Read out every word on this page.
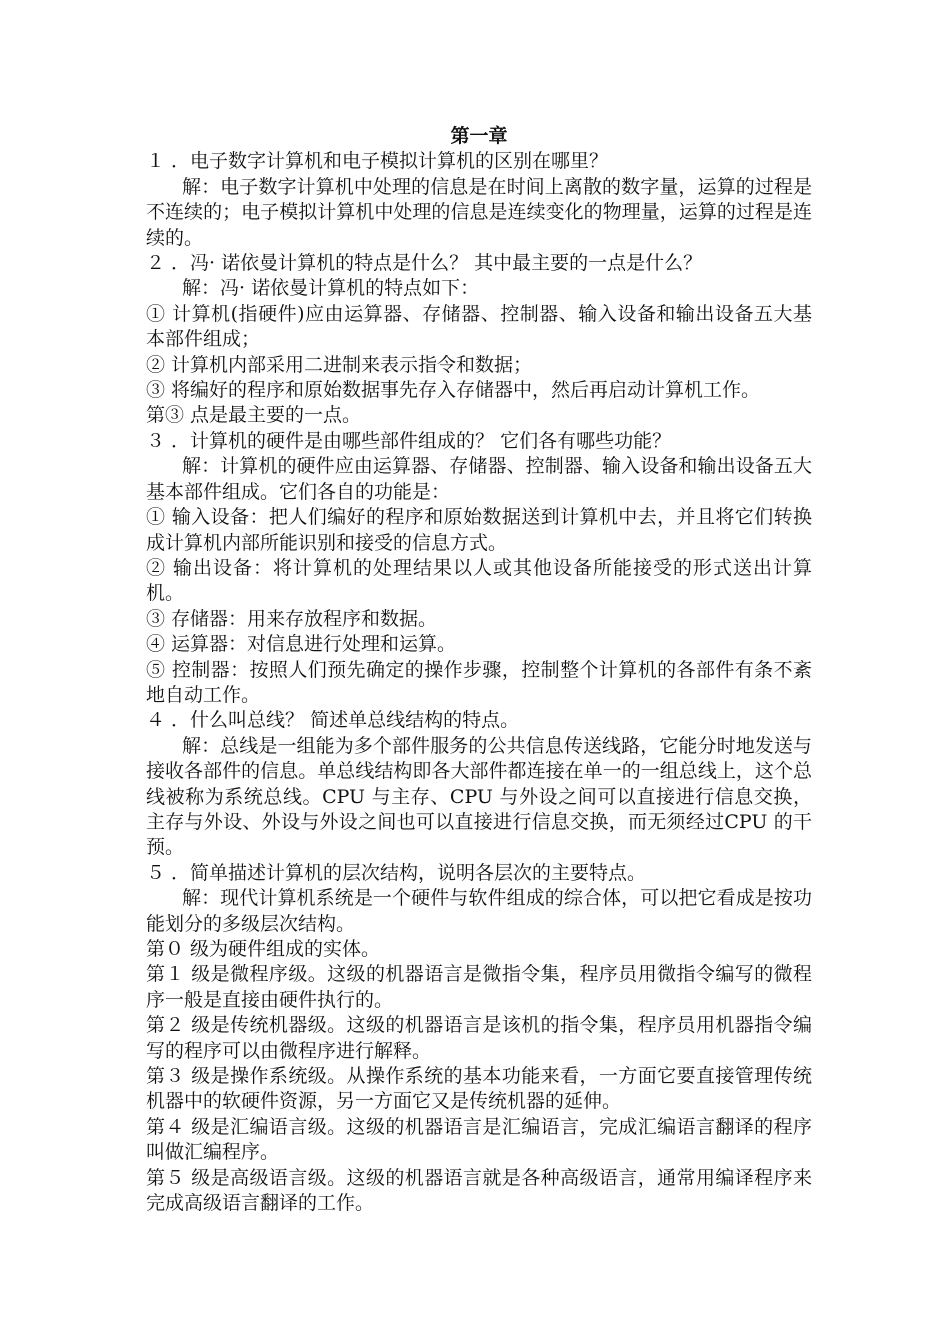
第一章

１ ．电子数字计算机和电子模拟计算机的区别在哪里？

解：电子数字计算机中处理的信息是在时间上离散的数字量，运算的过程是不连续的；电子模拟计算机中处理的信息是连续变化的物理量，运算的过程是连续的。

２ ．冯· 诺依曼计算机的特点是什么？ 其中最主要的一点是什么？

解：冯· 诺依曼计算机的特点如下：

① 计算机(指硬件)应由运算器、存储器、控制器、输入设备和输出设备五大基本部件组成；

② 计算机内部采用二进制来表示指令和数据；

③ 将编好的程序和原始数据事先存入存储器中，然后再启动计算机工作。

第③ 点是最主要的一点。

３ ．计算机的硬件是由哪些部件组成的？ 它们各有哪些功能？

解：计算机的硬件应由运算器、存储器、控制器、输入设备和输出设备五大基本部件组成。它们各自的功能是：

① 输入设备：把人们编好的程序和原始数据送到计算机中去，并且将它们转换成计算机内部所能识别和接受的信息方式。

② 输出设备：将计算机的处理结果以人或其他设备所能接受的形式送出计算机。

③ 存储器：用来存放程序和数据。

④ 运算器：对信息进行处理和运算。

⑤ 控制器：按照人们预先确定的操作步骤，控制整个计算机的各部件有条不紊地自动工作。

４ ．什么叫总线？ 简述单总线结构的特点。

解：总线是一组能为多个部件服务的公共信息传送线路，它能分时地发送与接收各部件的信息。单总线结构即各大部件都连接在单一的一组总线上，这个总线被称为系统总线。CPU 与主存、CPU 与外设之间可以直接进行信息交换，主存与外设、外设与外设之间也可以直接进行信息交换，而无须经过CPU 的干预。

５ ．简单描述计算机的层次结构，说明各层次的主要特点。

解：现代计算机系统是一个硬件与软件组成的综合体，可以把它看成是按功能划分的多级层次结构。

第０ 级为硬件组成的实体。

第１ 级是微程序级。这级的机器语言是微指令集，程序员用微指令编写的微程序一般是直接由硬件执行的。

第２ 级是传统机器级。这级的机器语言是该机的指令集，程序员用机器指令编写的程序可以由微程序进行解释。

第３ 级是操作系统级。从操作系统的基本功能来看，一方面它要直接管理传统机器中的软硬件资源，另一方面它又是传统机器的延伸。

第４ 级是汇编语言级。这级的机器语言是汇编语言，完成汇编语言翻译的程序叫做汇编程序。

第５ 级是高级语言级。这级的机器语言就是各种高级语言，通常用编译程序来完成高级语言翻译的工作。
